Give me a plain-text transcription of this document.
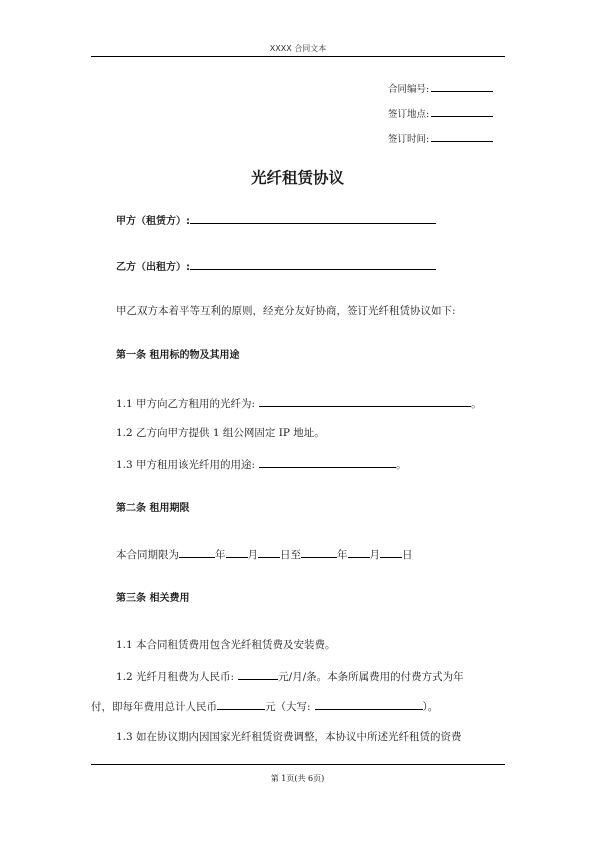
XXXX 合同文本
合同编号:
签订地点:
签订时间:
光纤租赁协议
甲方（租赁方）:
乙方（出租方）:
甲乙双方本着平等互利的原则，经充分友好协商，签订光纤租赁协议如下:
第一条 租用标的物及其用途
1.1 甲方向乙方租用的光纤为:	。
1.2 乙方向甲方提供 1 组公网固定 IP 地址。
1.3 甲方租用该光纤用的用途:	。
第二条 租用期限
本合同期限为	年 月 日至	年 月 日
第三条 相关费用
1.1 本合同租赁费用包含光纤租赁费及安装费。
1.2 光纤月租费为人民币:	元/月/条。本条所属费用的付费方式为年
付，即每年费用总计人民币	元（大写:	）。
1.3 如在协议期内因国家光纤租赁资费调整，本协议中所述光纤租赁的资费
第 1页(共 6页)
